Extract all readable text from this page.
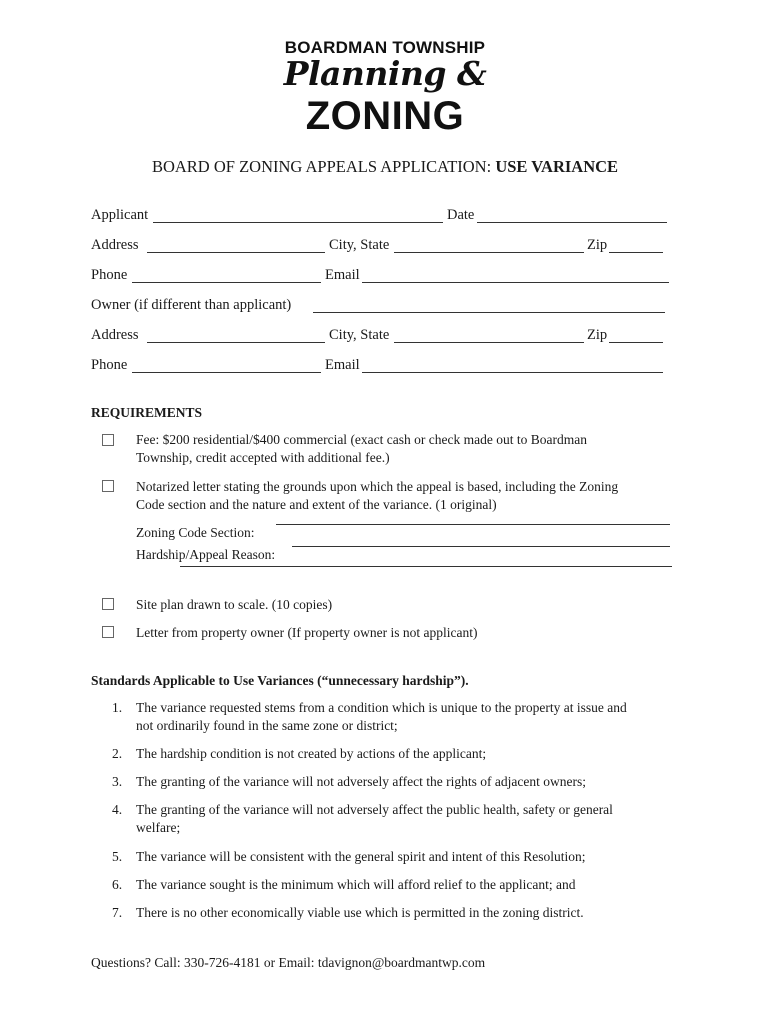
BOARDMAN TOWNSHIP
Planning &
ZONING
BOARD OF ZONING APPEALS APPLICATION: USE VARIANCE
Applicant	Date
Address	City, State	Zip
Phone	Email
Owner (if different than applicant)
Address	City, State	Zip
Phone	Email
REQUIREMENTS
Fee: $200 residential/$400 commercial (exact cash or check made out to Boardman
Township, credit accepted with additional fee.)
Notarized letter stating the grounds upon which the appeal is based, including the Zoning
Code section and the nature and extent of the variance. (1 original)
Zoning Code Section:
Hardship/Appeal Reason:
Site plan drawn to scale. (10 copies)
Letter from property owner (If property owner is not applicant)
Standards Applicable to Use Variances (“unnecessary hardship”).
1. The variance requested stems from a condition which is unique to the property at issue and
not ordinarily found in the same zone or district;
2. The hardship condition is not created by actions of the applicant;
3. The granting of the variance will not adversely affect the rights of adjacent owners;
4. The granting of the variance will not adversely affect the public health, safety or general
welfare;
5. The variance will be consistent with the general spirit and intent of this Resolution;
6. The variance sought is the minimum which will afford relief to the applicant; and
7. There is no other economically viable use which is permitted in the zoning district.
Questions? Call: 330-726-4181 or Email: tdavignon@boardmantwp.com
